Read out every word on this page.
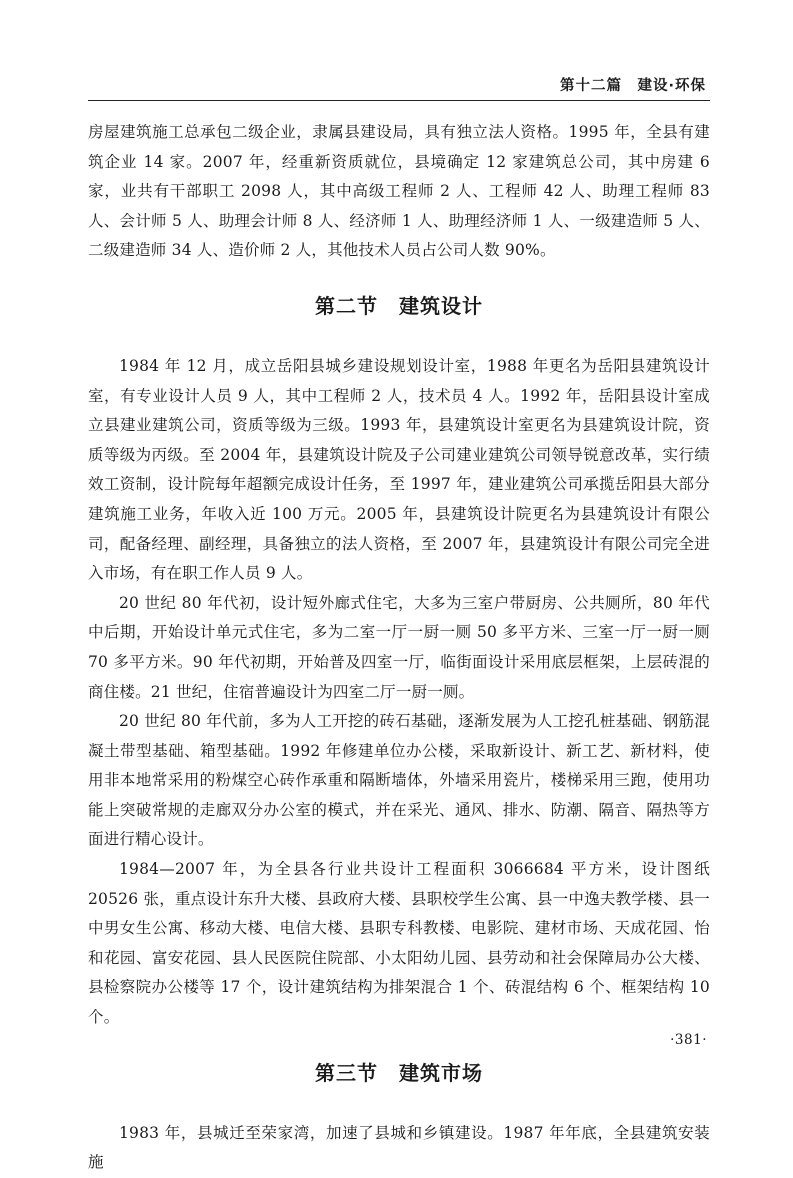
第十二篇　建设·环保

房屋建筑施工总承包二级企业，隶属县建设局，具有独立法人资格。1995 年，全县有建筑企业 14 家。2007 年，经重新资质就位，县境确定 12 家建筑总公司，其中房建 6 家，业共有干部职工 2098 人，其中高级工程师 2 人、工程师 42 人、助理工程师 83 人、会计师 5 人、助理会计师 8 人、经济师 1 人、助理经济师 1 人、一级建造师 5 人、二级建造师 34 人、造价师 2 人，其他技术人员占公司人数 90%。

第二节　建筑设计

1984 年 12 月，成立岳阳县城乡建设规划设计室，1988 年更名为岳阳县建筑设计室，有专业设计人员 9 人，其中工程师 2 人，技术员 4 人。1992 年，岳阳县设计室成立县建业建筑公司，资质等级为三级。1993 年，县建筑设计室更名为县建筑设计院，资质等级为丙级。至 2004 年，县建筑设计院及子公司建业建筑公司领导锐意改革，实行绩效工资制，设计院每年超额完成设计任务，至 1997 年，建业建筑公司承揽岳阳县大部分建筑施工业务，年收入近 100 万元。2005 年，县建筑设计院更名为县建筑设计有限公司，配备经理、副经理，具备独立的法人资格，至 2007 年，县建筑设计有限公司完全进入市场，有在职工作人员 9 人。

20 世纪 80 年代初，设计短外廊式住宅，大多为三室户带厨房、公共厕所，80 年代中后期，开始设计单元式住宅，多为二室一厅一厨一厕 50 多平方米、三室一厅一厨一厕 70 多平方米。90 年代初期，开始普及四室一厅，临街面设计采用底层框架，上层砖混的商住楼。21 世纪，住宿普遍设计为四室二厅一厨一厕。

20 世纪 80 年代前，多为人工开挖的砖石基础，逐渐发展为人工挖孔桩基础、钢筋混凝土带型基础、箱型基础。1992 年修建单位办公楼，采取新设计、新工艺、新材料，使用非本地常采用的粉煤空心砖作承重和隔断墙体，外墙采用瓷片，楼梯采用三跑，使用功能上突破常规的走廊双分办公室的模式，并在采光、通风、排水、防潮、隔音、隔热等方面进行精心设计。

1984—2007 年，为全县各行业共设计工程面积 3066684 平方米，设计图纸 20526 张，重点设计东升大楼、县政府大楼、县职校学生公寓、县一中逸夫教学楼、县一中男女生公寓、移动大楼、电信大楼、县职专科教楼、电影院、建材市场、天成花园、怡和花园、富安花园、县人民医院住院部、小太阳幼儿园、县劳动和社会保障局办公大楼、县检察院办公楼等 17 个，设计建筑结构为排架混合 1 个、砖混结构 6 个、框架结构 10 个。

第三节　建筑市场

1983 年，县城迁至荣家湾，加速了县城和乡镇建设。1987 年年底，全县建筑安装施

·381·
